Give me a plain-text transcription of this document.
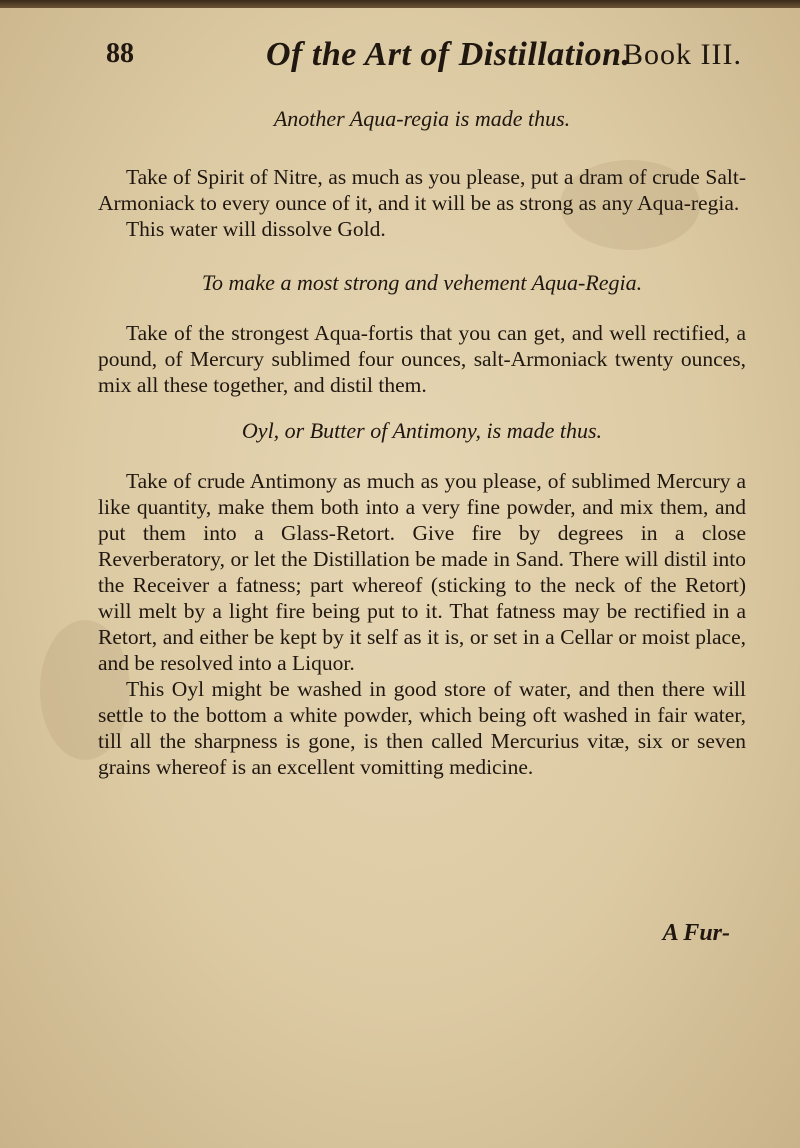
88	Of the Art of Distillation.
Book III.

Another Aqua-regia is made thus.

Take of Spirit of Nitre, as much as you please, put a dram of crude Salt-Armoniack to every ounce of it, and it will be as strong as any Aqua-regia.

This water will dissolve Gold.

To make a most strong and vehement Aqua-Regia.

Take of the strongest Aqua-fortis that you can get, and well rectified, a pound, of Mercury sublimed four ounces, salt-Armoniack twenty ounces, mix all these together, and distil them.

Oyl, or Butter of Antimony, is made thus.

Take of crude Antimony as much as you please, of sublimed Mercury a like quantity, make them both into a very fine powder, and mix them, and put them into a Glass-Retort. Give fire by degrees in a close Reverberatory, or let the Distillation be made in Sand. There will distil into the Receiver a fatness; part whereof (sticking to the neck of the Retort) will melt by a light fire being put to it. That fatness may be rectified in a Retort, and either be kept by it self as it is, or set in a Cellar or moist place, and be resolved into a Liquor.

This Oyl might be washed in good store of water, and then there will settle to the bottom a white powder, which being oft washed in fair water, till all the sharpness is gone, is then called Mercurius vitæ, six or seven grains whereof is an excellent vomitting medicine.

A Fur-
